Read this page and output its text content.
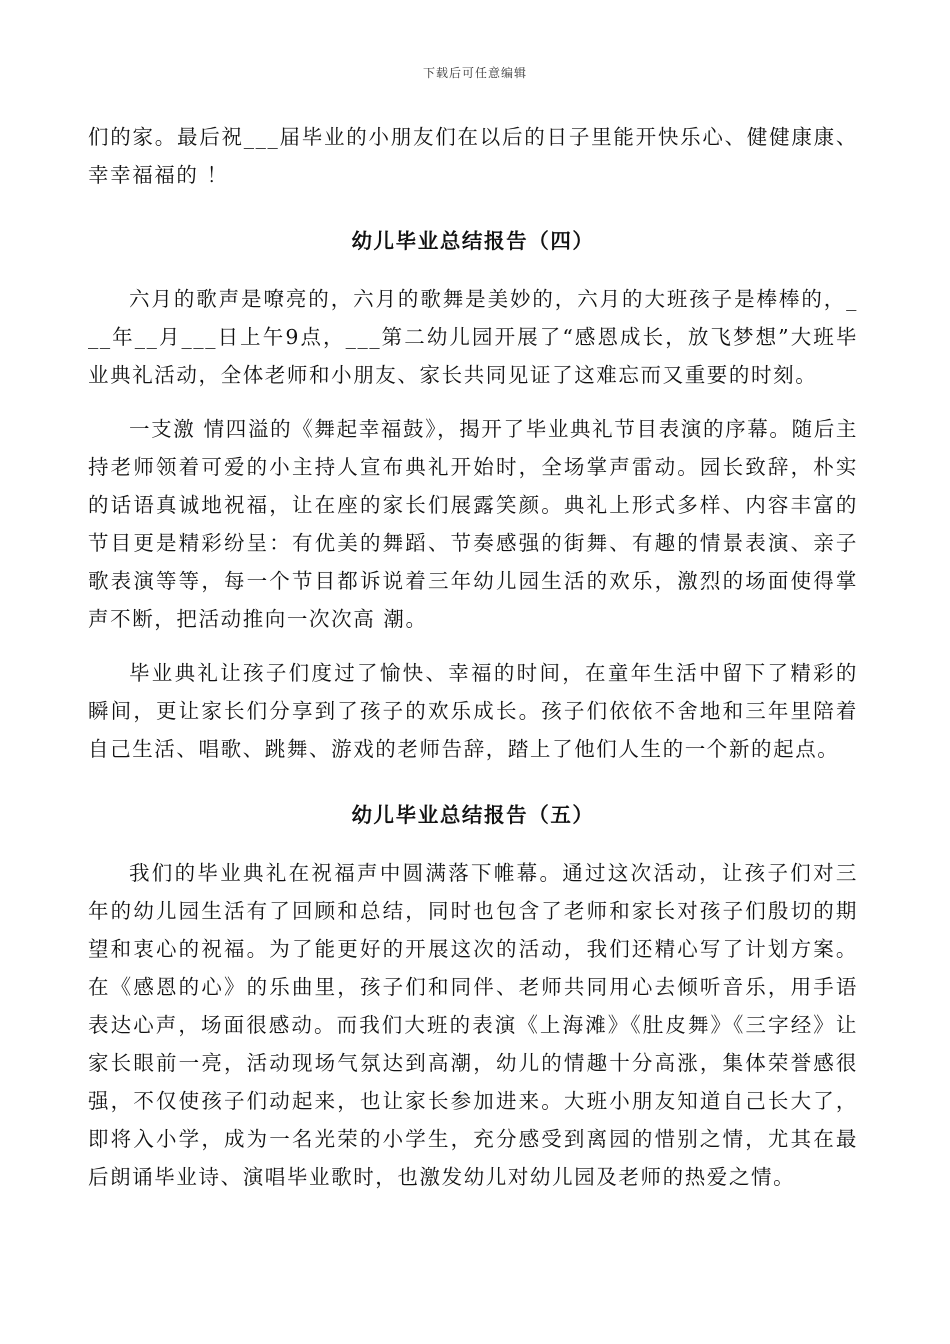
下载后可任意编辑

们的家。最后祝___届毕业的小朋友们在以后的日子里能开快乐心、健健康康、幸幸福福的 ！

幼儿毕业总结报告（四）

六月的歌声是嘹亮的，六月的歌舞是美妙的，六月的大班孩子是棒棒的，___年__月___日上午9点，___第二幼儿园开展了“感恩成长，放飞梦想”大班毕业典礼活动，全体老师和小朋友、家长共同见证了这难忘而又重要的时刻。

一支激 情四溢的《舞起幸福鼓》，揭开了毕业典礼节目表演的序幕。随后主持老师领着可爱的小主持人宣布典礼开始时，全场掌声雷动。园长致辞，朴实的话语真诚地祝福，让在座的家长们展露笑颜。典礼上形式多样、内容丰富的节目更是精彩纷呈：有优美的舞蹈、节奏感强的街舞、有趣的情景表演、亲子歌表演等等，每一个节目都诉说着三年幼儿园生活的欢乐，激烈的场面使得掌声不断，把活动推向一次次高 潮。

毕业典礼让孩子们度过了愉快、幸福的时间，在童年生活中留下了精彩的瞬间，更让家长们分享到了孩子的欢乐成长。孩子们依依不舍地和三年里陪着自己生活、唱歌、跳舞、游戏的老师告辞，踏上了他们人生的一个新的起点。

幼儿毕业总结报告（五）

我们的毕业典礼在祝福声中圆满落下帷幕。通过这次活动，让孩子们对三年的幼儿园生活有了回顾和总结，同时也包含了老师和家长对孩子们殷切的期望和衷心的祝福。为了能更好的开展这次的活动，我们还精心写了计划方案。在《感恩的心》的乐曲里，孩子们和同伴、老师共同用心去倾听音乐，用手语表达心声，场面很感动。而我们大班的表演《上海滩》《肚皮舞》《三字经》让家长眼前一亮，活动现场气氛达到高潮，幼儿的情趣十分高涨，集体荣誉感很强，不仅使孩子们动起来，也让家长参加进来。大班小朋友知道自己长大了，即将入小学，成为一名光荣的小学生，充分感受到离园的惜别之情，尤其在最后朗诵毕业诗、演唱毕业歌时，也激发幼儿对幼儿园及老师的热爱之情。
